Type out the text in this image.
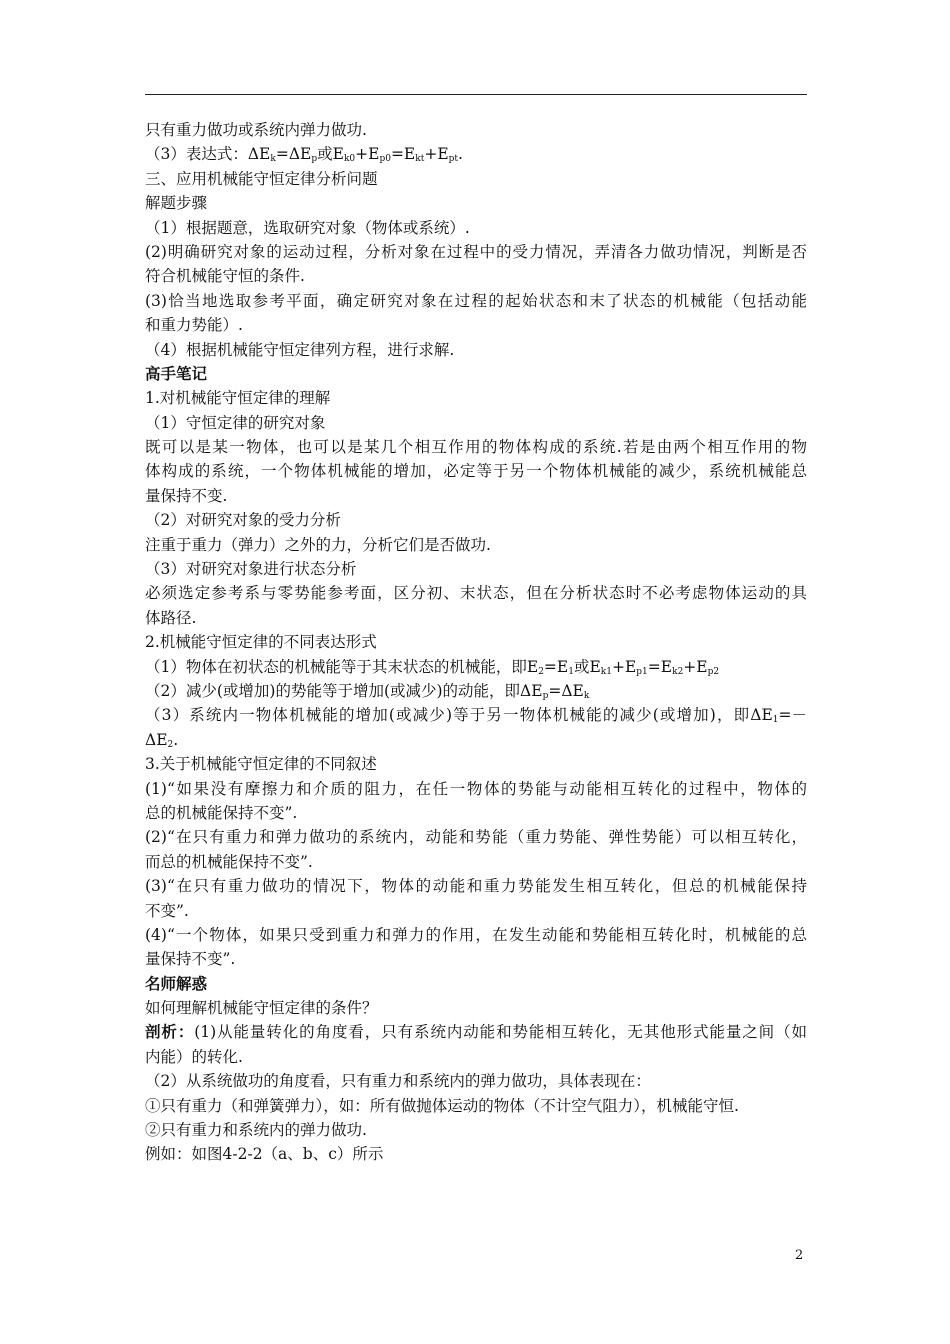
只有重力做功或系统内弹力做功.
（3）表达式：$\Delta E_k=\Delta E_p$或$E_{k0}+E_{p0}=E_{kt}+E_{pt}$.
三、应用机械能守恒定律分析问题
解题步骤
（1）根据题意，选取研究对象（物体或系统）.
(2)明确研究对象的运动过程，分析对象在过程中的受力情况，弄清各力做功情况，判断是否
符合机械能守恒的条件.
(3)恰当地选取参考平面，确定研究对象在过程的起始状态和末了状态的机械能（包括动能
和重力势能）.
（4）根据机械能守恒定律列方程，进行求解.
高手笔记
1.对机械能守恒定律的理解
（1）守恒定律的研究对象
既可以是某一物体，也可以是某几个相互作用的物体构成的系统.若是由两个相互作用的物
体构成的系统，一个物体机械能的增加，必定等于另一个物体机械能的减少，系统机械能总
量保持不变.
（2）对研究对象的受力分析
注重于重力（弹力）之外的力，分析它们是否做功.
（3）对研究对象进行状态分析
必须选定参考系与零势能参考面，区分初、末状态，但在分析状态时不必考虑物体运动的具
体路径.
2.机械能守恒定律的不同表达形式
（1）物体在初状态的机械能等于其末状态的机械能，即$E_2=E_1$或$E_{k1}+E_{p1}=E_{k2}+E_{p2}$
（2）减少(或增加)的势能等于增加(或减少)的动能，即$\Delta E_p=\Delta E_k$
（3）系统内一物体机械能的增加(或减少)等于另一物体机械能的减少(或增加)，即$\Delta E_1=-$
$\Delta E_2$.
3.关于机械能守恒定律的不同叙述
(1)“如果没有摩擦力和介质的阻力，在任一物体的势能与动能相互转化的过程中，物体的
总的机械能保持不变”.
(2)“在只有重力和弹力做功的系统内，动能和势能（重力势能、弹性势能）可以相互转化，
而总的机械能保持不变”.
(3)“在只有重力做功的情况下，物体的动能和重力势能发生相互转化，但总的机械能保持
不变”.
(4)“一个物体，如果只受到重力和弹力的作用，在发生动能和势能相互转化时，机械能的总
量保持不变”.
名师解惑
如何理解机械能守恒定律的条件？
剖析：(1)从能量转化的角度看，只有系统内动能和势能相互转化，无其他形式能量之间（如
内能）的转化.
（2）从系统做功的角度看，只有重力和系统内的弹力做功，具体表现在：
①只有重力（和弹簧弹力），如：所有做抛体运动的物体（不计空气阻力），机械能守恒.
②只有重力和系统内的弹力做功.
例如：如图4-2-2（a、b、c）所示
2
